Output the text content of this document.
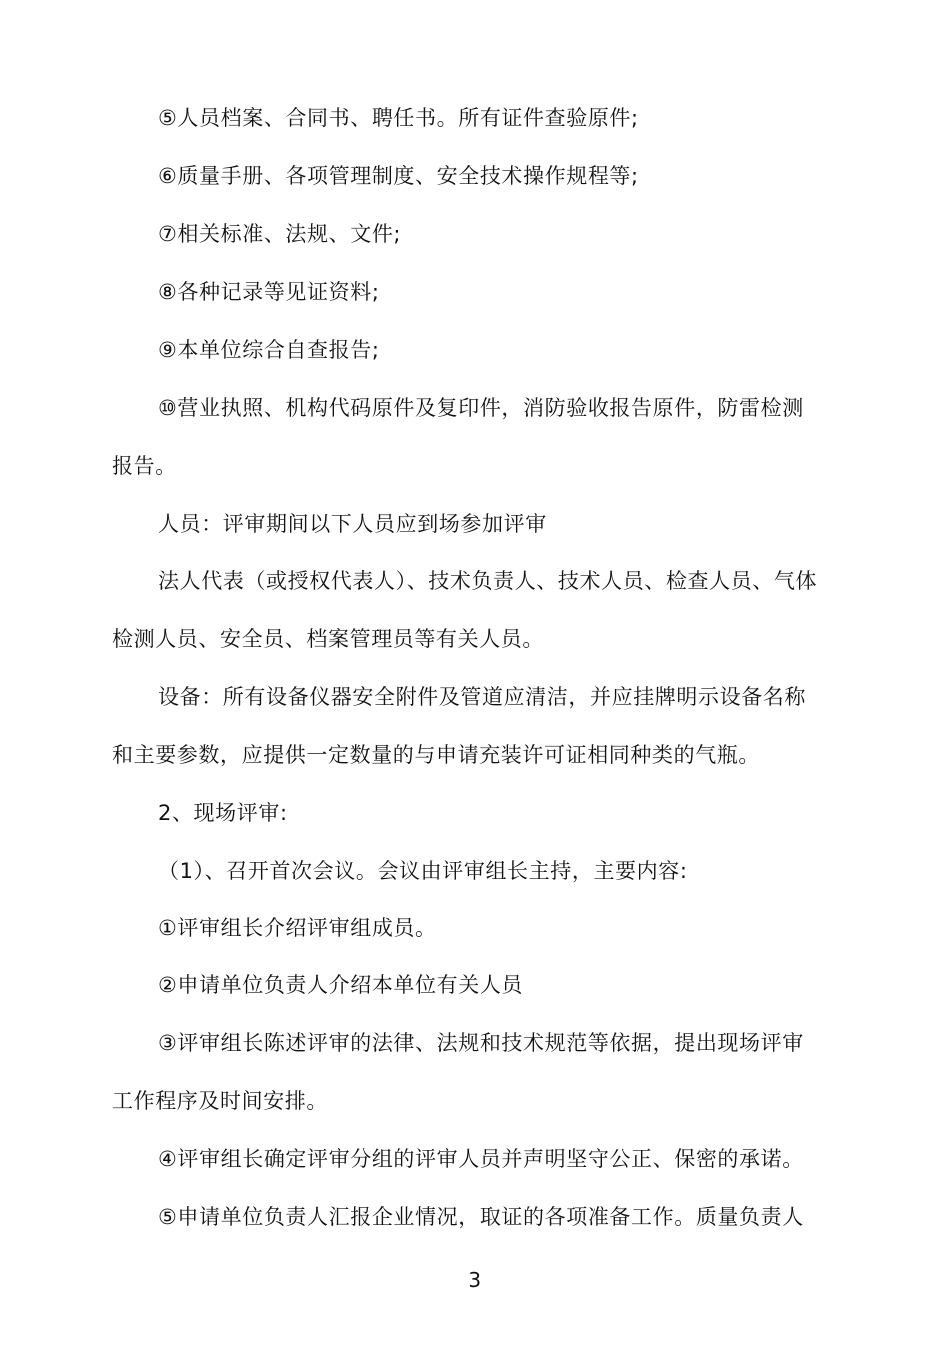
⑤人员档案、合同书、聘任书。所有证件查验原件;
⑥质量手册、各项管理制度、安全技术操作规程等;
⑦相关标准、法规、文件;
⑧各种记录等见证资料;
⑨本单位综合自查报告;
⑩营业执照、机构代码原件及复印件，消防验收报告原件，防雷检测
报告。
人员：评审期间以下人员应到场参加评审
法人代表（或授权代表人）、技术负责人、技术人员、检查人员、气体
检测人员、安全员、档案管理员等有关人员。
设备：所有设备仪器安全附件及管道应清洁，并应挂牌明示设备名称
和主要参数，应提供一定数量的与申请充装许可证相同种类的气瓶。
2、现场评审:
（1）、召开首次会议。会议由评审组长主持，主要内容:
①评审组长介绍评审组成员。
②申请单位负责人介绍本单位有关人员
③评审组长陈述评审的法律、法规和技术规范等依据，提出现场评审
工作程序及时间安排。
④评审组长确定评审分组的评审人员并声明坚守公正、保密的承诺。
⑤申请单位负责人汇报企业情况，取证的各项准备工作。质量负责人
3
